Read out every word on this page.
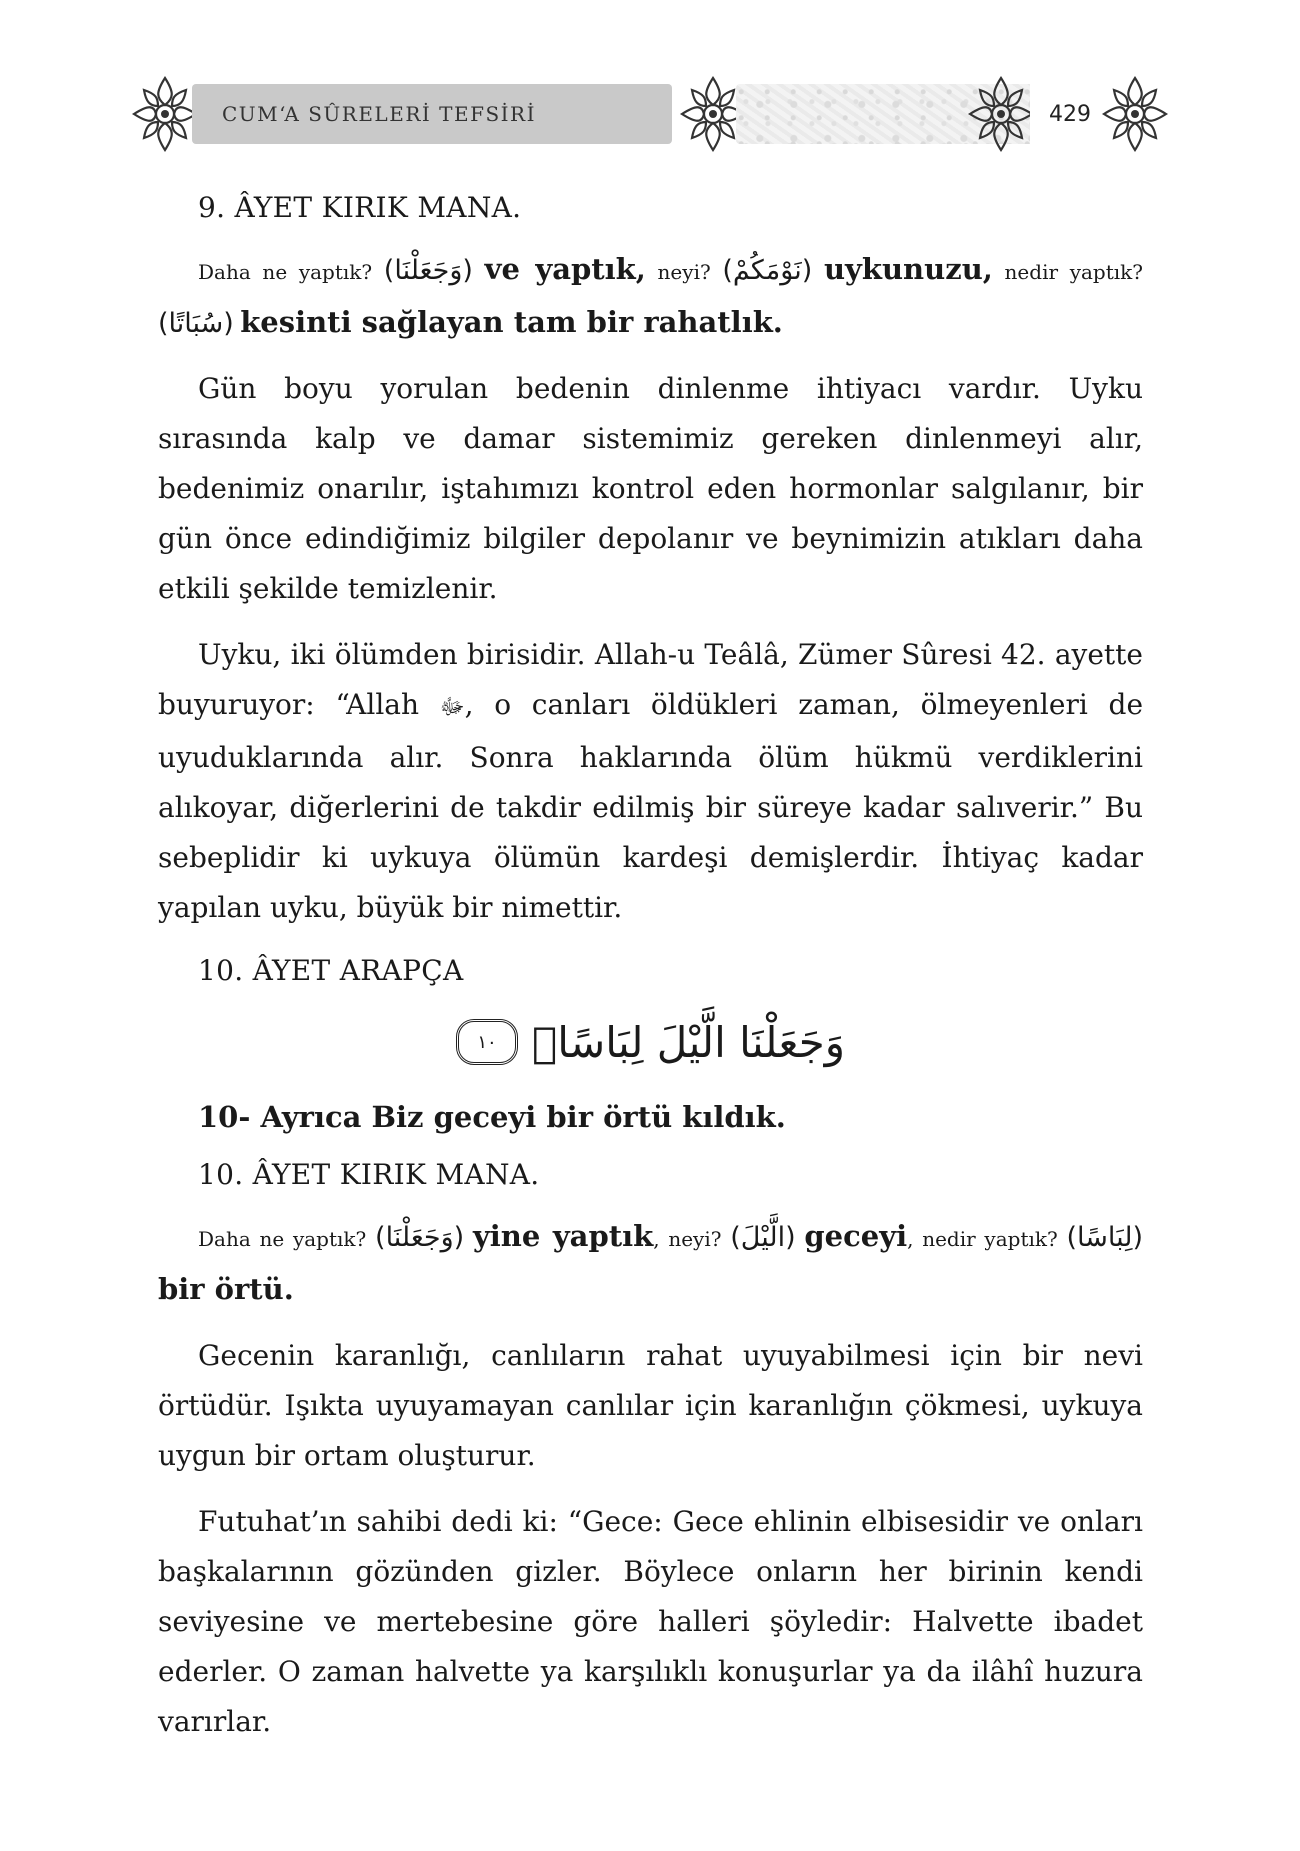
CUM‘A SÛRELERİ TEFSİRİ	429
9. ÂYET KIRIK MANA.
Daha ne yaptık? (وَجَعَلْنَا) ve yaptık, neyi? (نَوْمَكُمْ) uykunuzu, nedir yaptık? (سُبَاتًا) kesinti sağlayan tam bir rahatlık.

Gün boyu yorulan bedenin dinlenme ihtiyacı vardır. Uyku sırasında kalp ve damar sistemimiz gereken dinlenmeyi alır, bedenimiz onarılır, iştahımızı kontrol eden hormonlar salgılanır, bir gün önce edindiğimiz bilgiler depolanır ve beynimizin atıkları daha etkili şekilde temizlenir.

Uyku, iki ölümden birisidir. Allah-u Teâlâ, Zümer Sûresi 42. ayette buyuruyor: “Allah ﷻ, o canları öldükleri zaman, ölmeyenleri de uyuduklarında alır. Sonra haklarında ölüm hükmü verdiklerini alıkoyar, diğerlerini de takdir edilmiş bir süreye kadar salıverir.” Bu sebeplidir ki uykuya ölümün kardeşi demişlerdir. İhtiyaç kadar yapılan uyku, büyük bir nimettir.

10. ÂYET ARAPÇA
وَجَعَلْنَا الَّيْلَ لِبَاسًاۙ
١٠
10- Ayrıca Biz geceyi bir örtü kıldık.
10. ÂYET KIRIK MANA.
Daha ne yaptık? (وَجَعَلْنَا) yine yaptık, neyi? (الَّيْلَ) geceyi, nedir yaptık? (لِبَاسًا) bir örtü.

Gecenin karanlığı, canlıların rahat uyuyabilmesi için bir nevi örtüdür. Işıkta uyuyamayan canlılar için karanlığın çökmesi, uykuya uygun bir ortam oluşturur.

Futuhat’ın sahibi dedi ki: “Gece: Gece ehlinin elbisesidir ve onları başkalarının gözünden gizler. Böylece onların her birinin kendi seviyesine ve mertebesine göre halleri şöyledir: Halvette ibadet ederler. O zaman halvette ya karşılıklı konuşurlar ya da ilâhî huzura varırlar.
